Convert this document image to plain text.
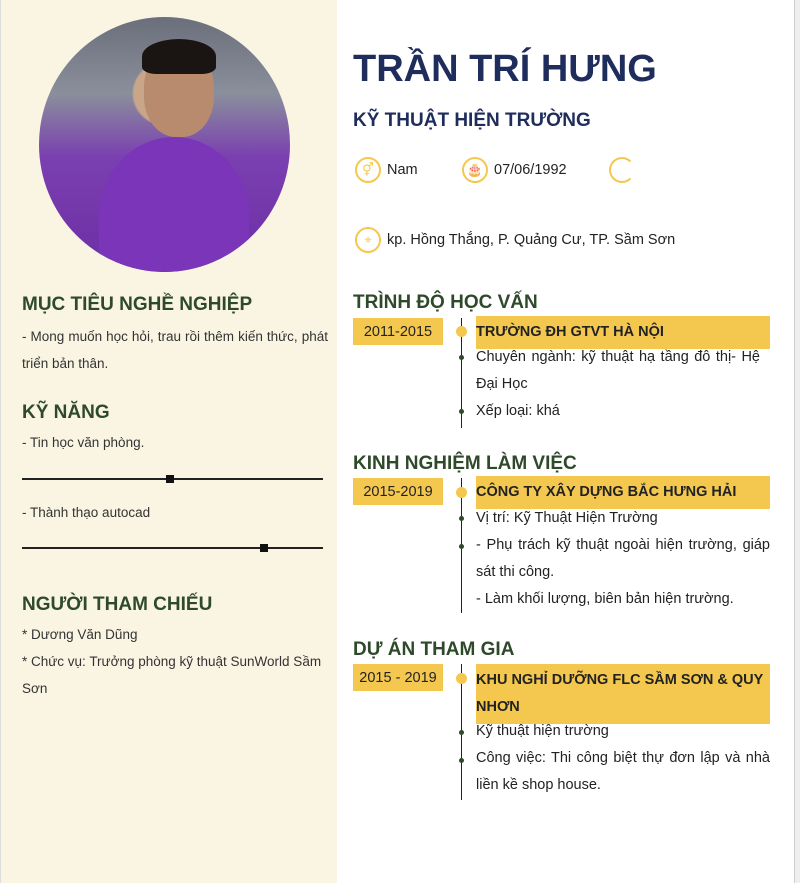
MỤC TIÊU NGHỀ NGHIỆP
- Mong muốn học hỏi, trau rồi thêm kiến thức, phát triển bản thân.
KỸ NĂNG
- Tin học văn phòng.
- Thành thạo autocad
NGƯỜI THAM CHIẾU
* Dương Văn Dũng
* Chức vụ: Trưởng phòng kỹ thuật SunWorld Sầm Sơn
TRẦN TRÍ HƯNG
KỸ THUẬT HIỆN TRƯỜNG
⚥ Nam	🎂 07/06/1992
⌖	kp. Hồng Thắng, P. Quảng Cư, TP. Sầm Sơn
TRÌNH ĐỘ HỌC VẤN
2011-2015	TRƯỜNG ĐH GTVT HÀ NỘI
Chuyên ngành: kỹ thuật hạ tầng đô thị- Hệ Đại Học
Xếp loại: khá
KINH NGHIỆM LÀM VIỆC
2015-2019	CÔNG TY XÂY DỰNG BẮC HƯNG HẢI
Vị trí: Kỹ Thuật Hiện Trường
- Phụ trách kỹ thuật ngoài hiện trường, giáp sát thi công.
- Làm khối lượng, biên bản hiện trường.
DỰ ÁN THAM GIA
2015 - 2019	KHU NGHỈ DƯỠNG FLC SẦM SƠN & QUY NHƠN
Kỹ thuật hiện trường
Công việc: Thi công biệt thự đơn lập và nhà liền kề shop house.
